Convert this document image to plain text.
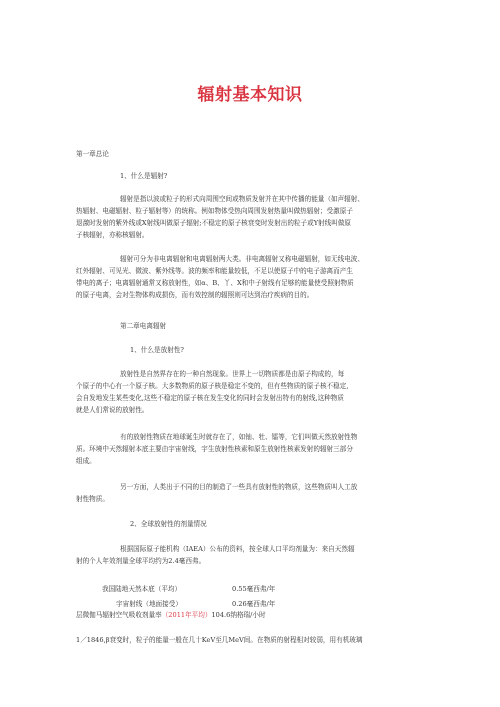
辐射基本知识
第一章总论
1、什么是辐射?
辐射是指以波或粒子的形式向周围空间或物质发射并在其中传播的能量（如声辐射、
热辐射、电磁辐射、粒子辐射等）的统称。例如物体受热向周围发射热量叫做热辐射；受激原子
退激时发射的紫外线或X射线叫做原子辐射;不稳定的原子核衰变时发射出的粒子或Y射线叫做原
子核辐射，亦称核辐射。
辐射可分为非电离辐射和电离辐射两大类。非电离辐射又称电磁辐射，如无线电波、
红外辐射、可见光、微波、紫外线等。波的频率和能量较低，不足以使原子中的电子游离而产生
带电的离子；电离辐射通常又称放射性，如α、B、丫、X和中子射线有足够的能量使受照射物质
的原子电离，会对生物体构成损伤，而有效控制的辐照则可达到治疗疾病的目的。
第二章电离辐射
1、什么是放射性?
放射性是自然界存在的一种自然现象。世界上一切物质都是由原子构成的，每
个原子的中心有一个原子核。大多数物质的原子核是稳定不变的，但有些物质的原子核不稳定,
会自发地发生某些变化,这些不稳定的原子核在发生变化的同时会发射出特有的射线,这种物质
就是人们常说的放射性。
有的放射性物质在地球诞生时就存在了，如铀、牡、镭等，它们叫做天然放射性物
质。环境中天然辐射本底主要由宇宙射线，宇生放射性核素和原生放射性核素发射的辐射三部分
组成。
另一方面，人类出于不同的目的制造了一些具有放射性的物质，这些物质叫人工放
射性物质。
2、全球放射性的剂量情况
根据国际原子能机构（IAEA）公布的资料，按全球人口平均剂量为：来自天然辐
射的个人年效剂量全球平均约为2.4毫西弗。
我国陆地天然本底（平均）	0.55毫西弗/年
宇宙射线（地面接受）	0.26毫西弗/年
层微伽马辐射空气吸收剂量率（2011年平均）104.6纳格瑞/小时
1／1846,β衰变时，粒子的能量一般在几十KeV至几MeV间。在物质的射程相对较弱，用有机玻璃
